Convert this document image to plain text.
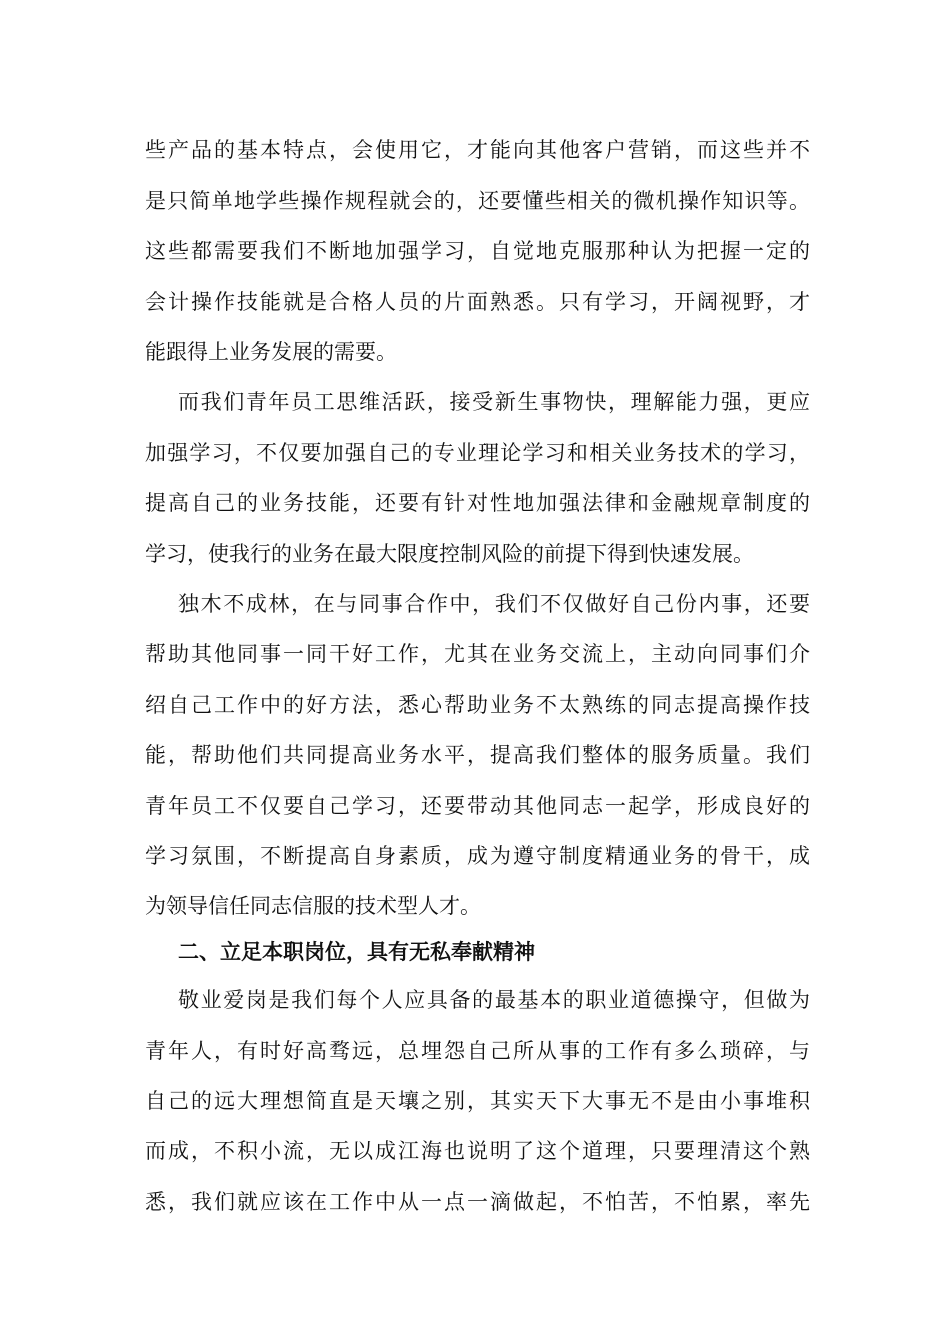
些产品的基本特点，会使用它，才能向其他客户营销，而这些并不
是只简单地学些操作规程就会的，还要懂些相关的微机操作知识等。
这些都需要我们不断地加强学习，自觉地克服那种认为把握一定的
会计操作技能就是合格人员的片面熟悉。只有学习，开阔视野，才
能跟得上业务发展的需要。
而我们青年员工思维活跃，接受新生事物快，理解能力强，更应
加强学习，不仅要加强自己的专业理论学习和相关业务技术的学习，
提高自己的业务技能，还要有针对性地加强法律和金融规章制度的
学习，使我行的业务在最大限度控制风险的前提下得到快速发展。
独木不成林，在与同事合作中，我们不仅做好自己份内事，还要
帮助其他同事一同干好工作，尤其在业务交流上，主动向同事们介
绍自己工作中的好方法，悉心帮助业务不太熟练的同志提高操作技
能，帮助他们共同提高业务水平，提高我们整体的服务质量。我们
青年员工不仅要自己学习，还要带动其他同志一起学，形成良好的
学习氛围，不断提高自身素质，成为遵守制度精通业务的骨干，成
为领导信任同志信服的技术型人才。
二、立足本职岗位，具有无私奉献精神
敬业爱岗是我们每个人应具备的最基本的职业道德操守，但做为
青年人，有时好高骛远，总埋怨自己所从事的工作有多么琐碎，与
自己的远大理想简直是天壤之别，其实天下大事无不是由小事堆积
而成，不积小流，无以成江海也说明了这个道理，只要理清这个熟
悉，我们就应该在工作中从一点一滴做起，不怕苦，不怕累，率先
